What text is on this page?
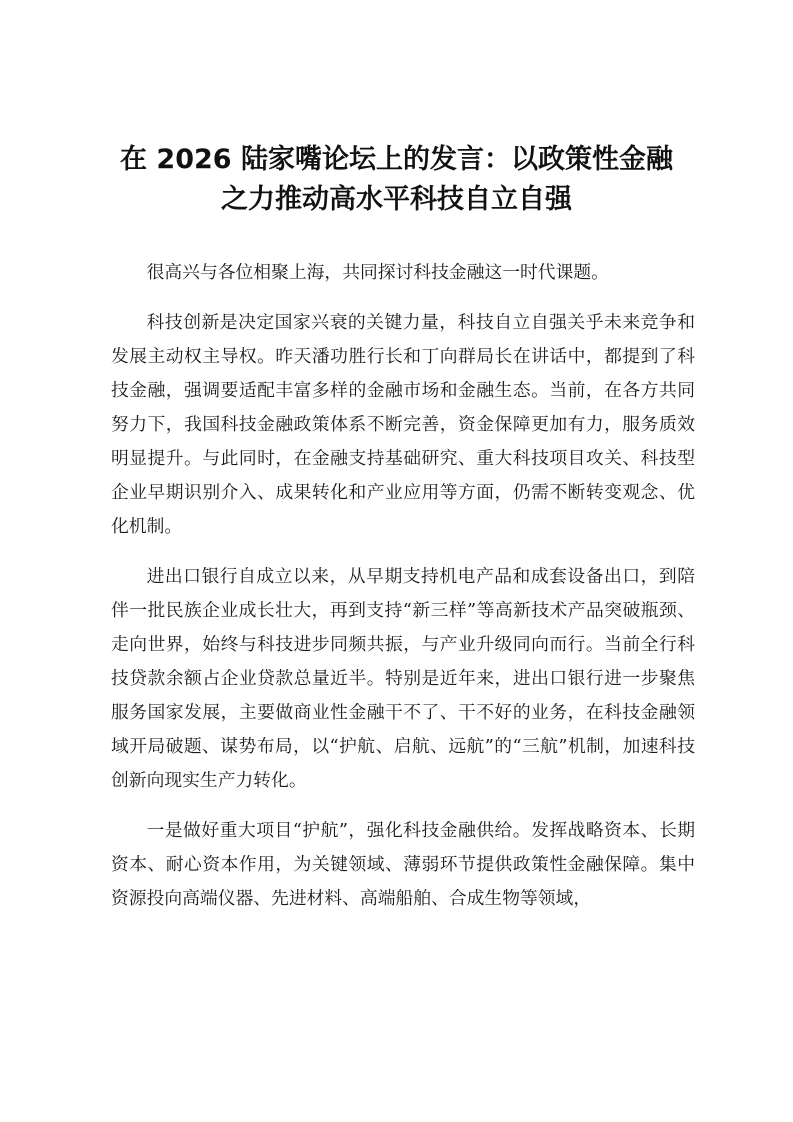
在 2026 陆家嘴论坛上的发言：以政策性金融
之力推动高水平科技自立自强

很高兴与各位相聚上海，共同探讨科技金融这一时代课题。

科技创新是决定国家兴衰的关键力量，科技自立自强关乎未来竞争和发展主动权主导权。昨天潘功胜行长和丁向群局长在讲话中，都提到了科技金融，强调要适配丰富多样的金融市场和金融生态。当前，在各方共同努力下，我国科技金融政策体系不断完善，资金保障更加有力，服务质效明显提升。与此同时，在金融支持基础研究、重大科技项目攻关、科技型企业早期识别介入、成果转化和产业应用等方面，仍需不断转变观念、优化机制。

进出口银行自成立以来，从早期支持机电产品和成套设备出口，到陪伴一批民族企业成长壮大，再到支持“新三样”等高新技术产品突破瓶颈、走向世界，始终与科技进步同频共振，与产业升级同向而行。当前全行科技贷款余额占企业贷款总量近半。特别是近年来，进出口银行进一步聚焦服务国家发展，主要做商业性金融干不了、干不好的业务，在科技金融领域开局破题、谋势布局，以“护航、启航、远航”的“三航”机制，加速科技创新向现实生产力转化。

一是做好重大项目“护航”，强化科技金融供给。发挥战略资本、长期资本、耐心资本作用，为关键领域、薄弱环节提供政策性金融保障。集中资源投向高端仪器、先进材料、高端船舶、合成生物等领域，
